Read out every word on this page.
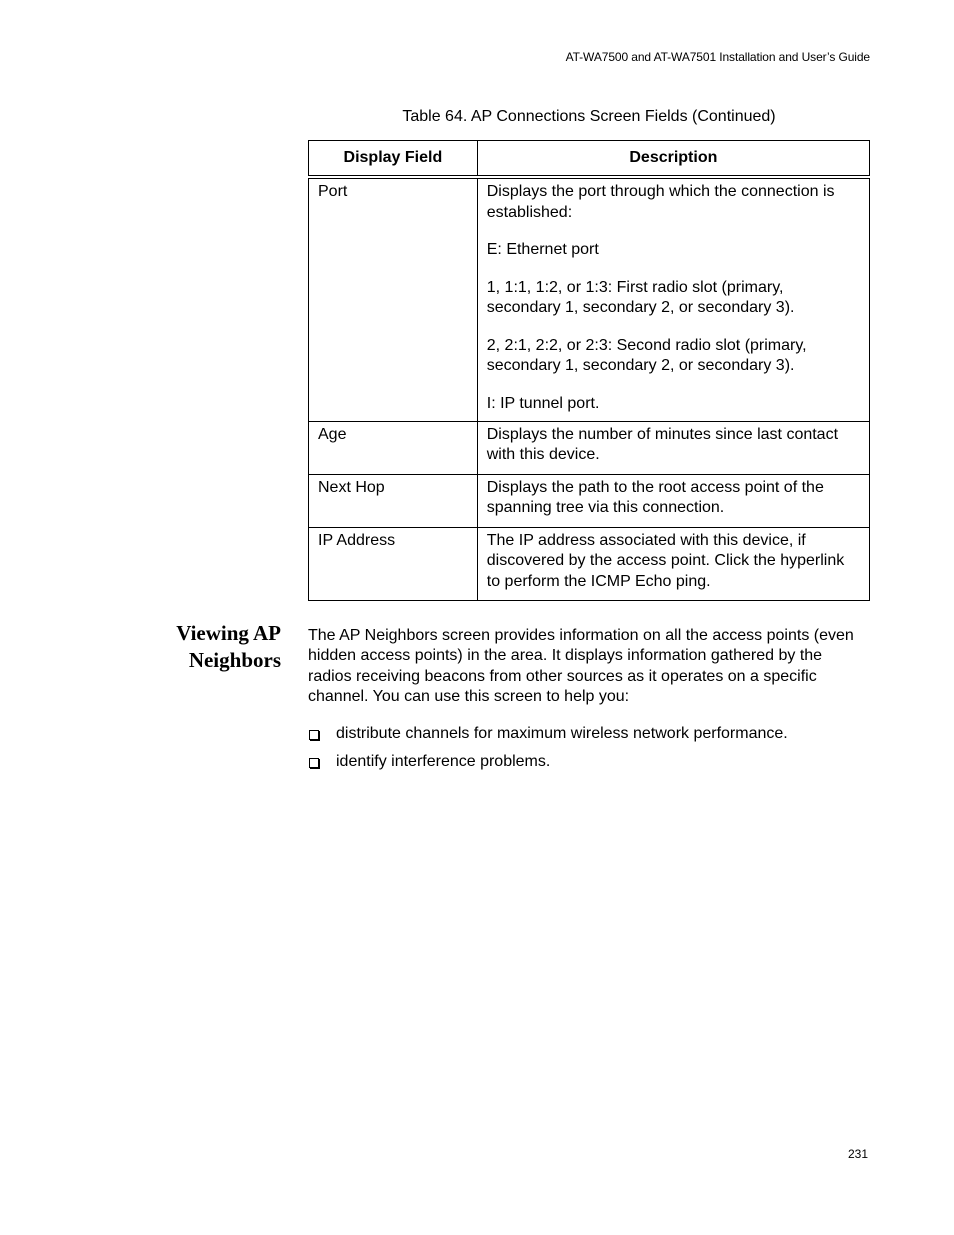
AT-WA7500 and AT-WA7501 Installation and User’s Guide
Table 64. AP Connections Screen Fields (Continued)
Display Field	Description
Port	Displays the port through which the connection is established:

E: Ethernet port

1, 1:1, 1:2, or 1:3: First radio slot (primary, secondary 1, secondary 2, or secondary 3).

2, 2:1, 2:2, or 2:3: Second radio slot (primary, secondary 1, secondary 2, or secondary 3).

I: IP tunnel port.

Age	Displays the number of minutes since last contact with this device.

Next Hop	Displays the path to the root access point of the spanning tree via this connection.

IP Address	The IP address associated with this device, if discovered by the access point. Click the hyperlink to perform the ICMP Echo ping.

Viewing AP
Neighbors

The AP Neighbors screen provides information on all the access points (even hidden access points) in the area. It displays information gathered by the radios receiving beacons from other sources as it operates on a specific channel. You can use this screen to help you:

distribute channels for maximum wireless network performance.
identify interference problems.
231
